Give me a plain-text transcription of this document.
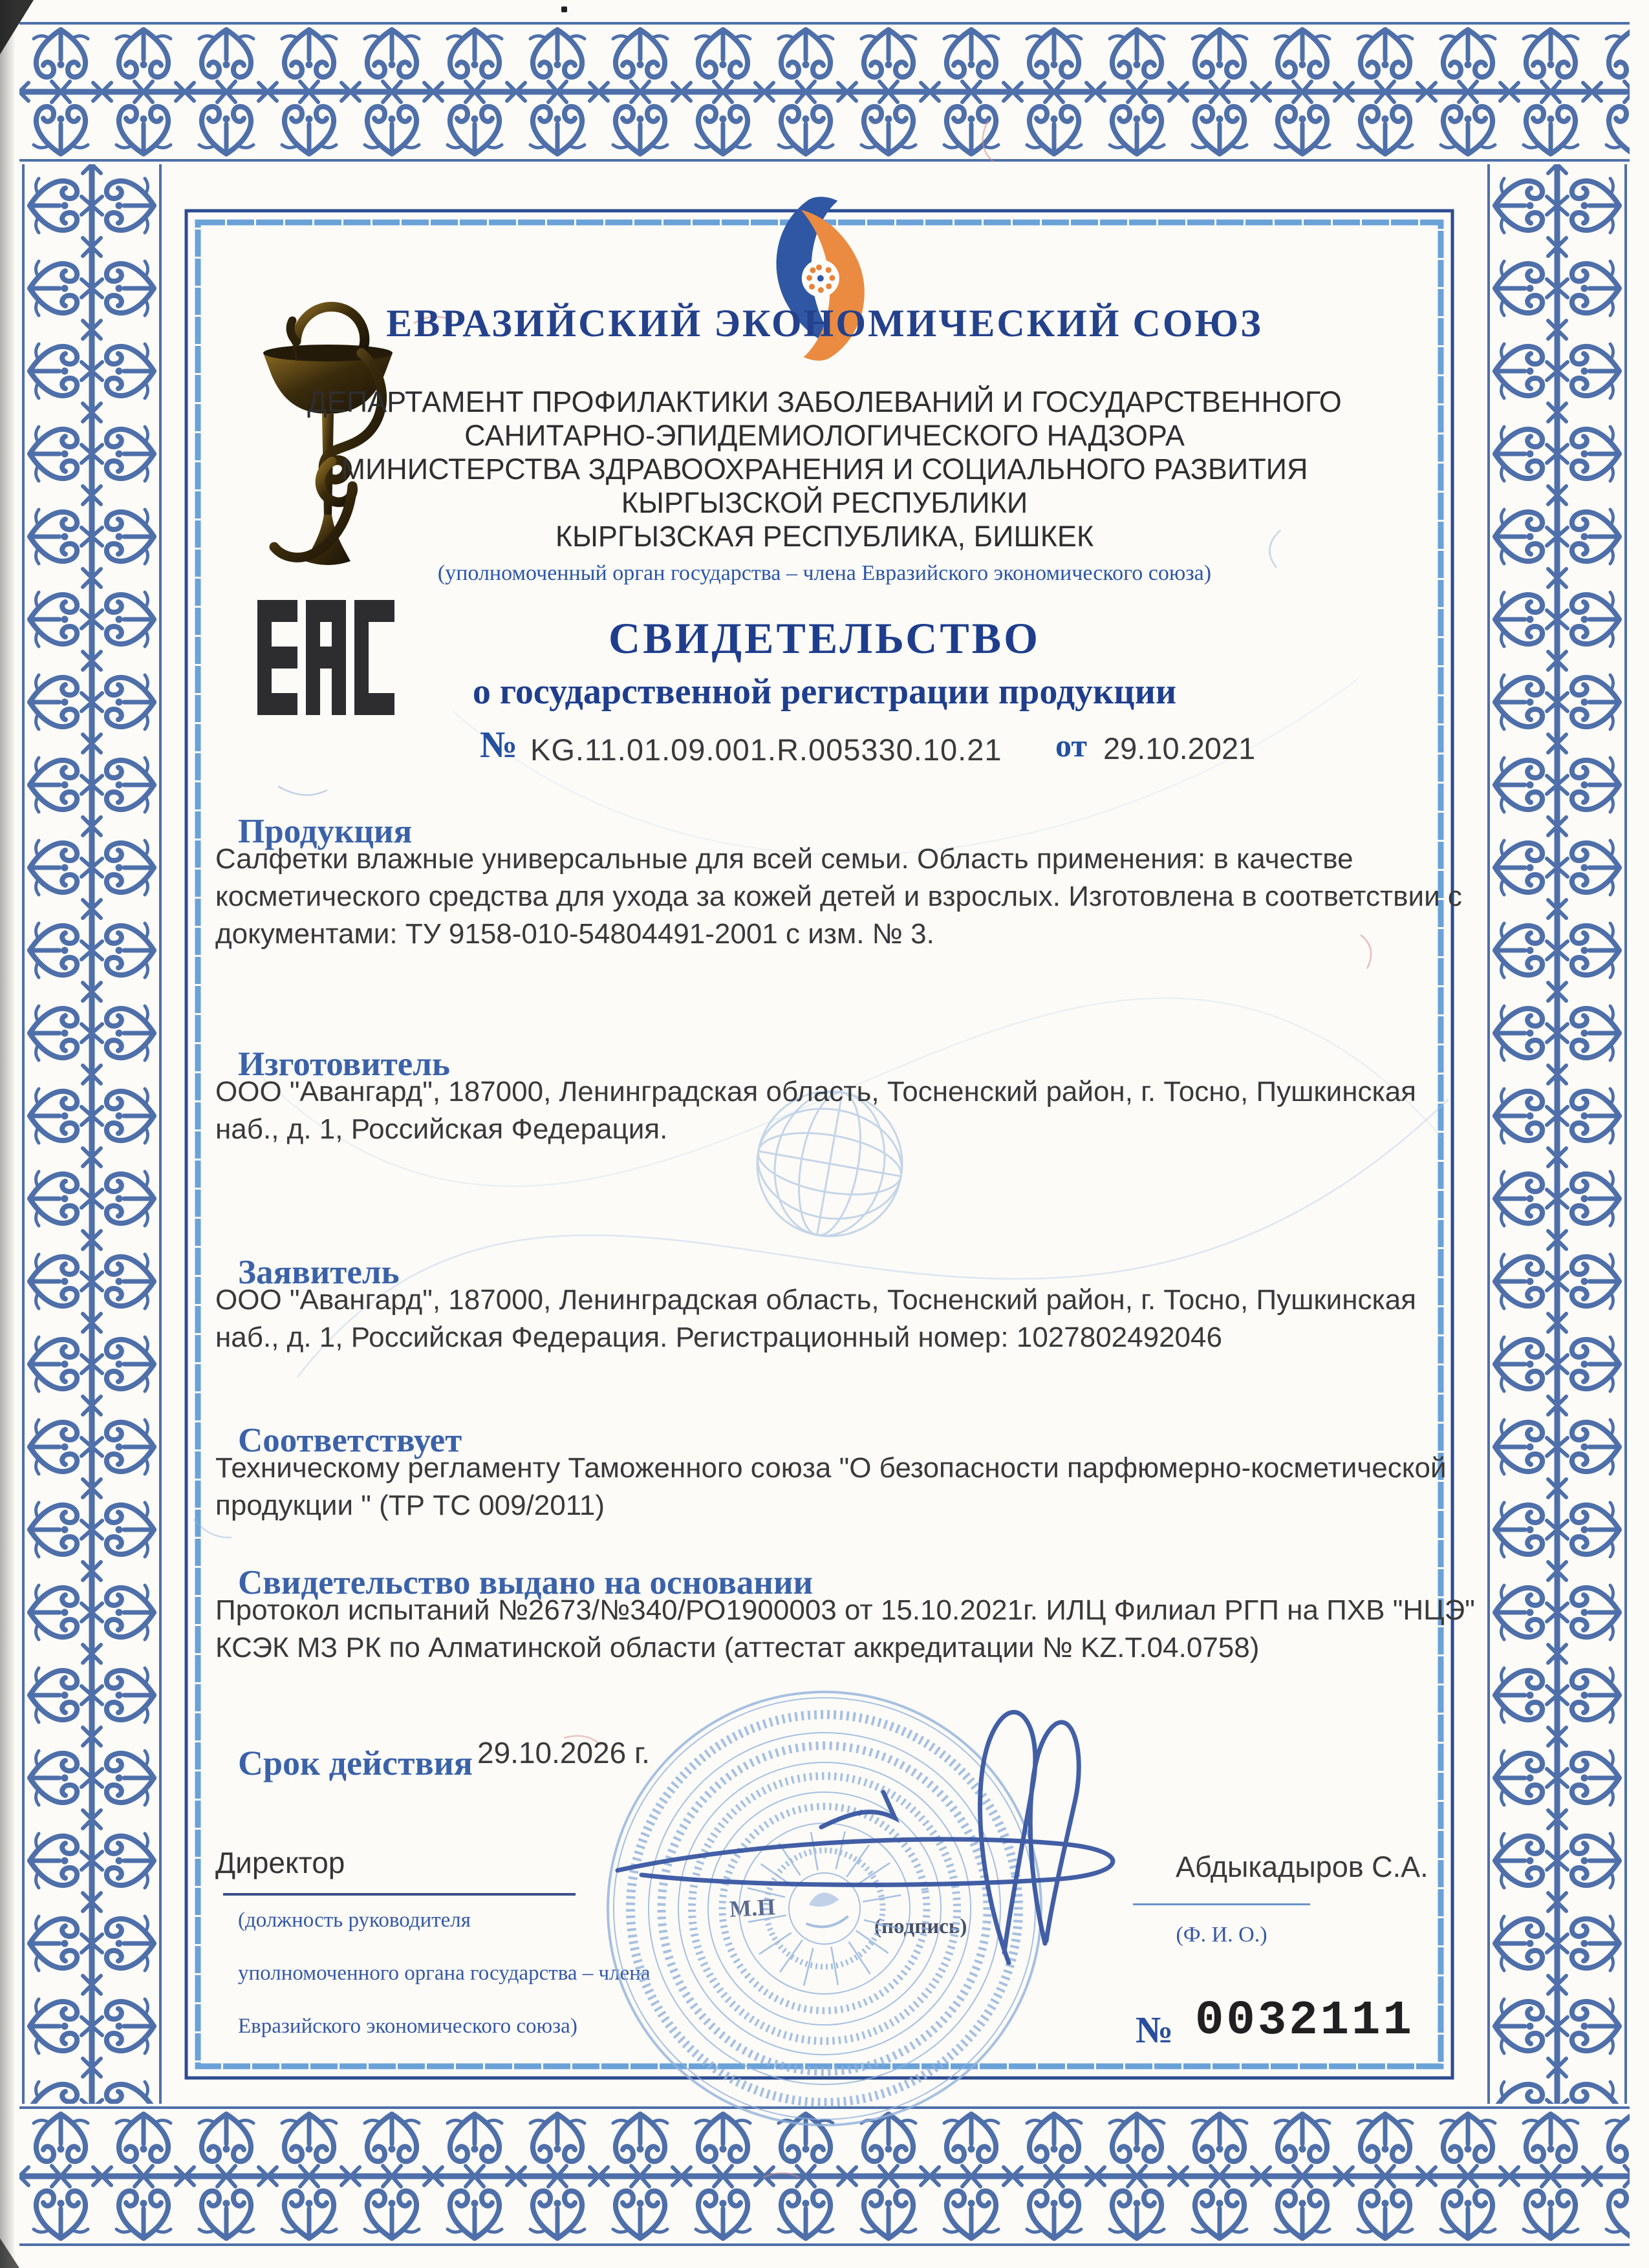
ЕВРАЗИЙСКИЙ ЭКОНОМИЧЕСКИЙ СОЮЗ
ДЕПАРТАМЕНТ ПРОФИЛАКТИКИ ЗАБОЛЕВАНИЙ И ГОСУДАРСТВЕННОГО
САНИТАРНО-ЭПИДЕМИОЛОГИЧЕСКОГО НАДЗОРА
МИНИСТЕРСТВА ЗДРАВООХРАНЕНИЯ И СОЦИАЛЬНОГО РАЗВИТИЯ
КЫРГЫЗСКОЙ РЕСПУБЛИКИ
КЫРГЫЗСКАЯ РЕСПУБЛИКА, БИШКЕК
(уполномоченный орган государства – члена Евразийского экономического союза)
СВИДЕТЕЛЬСТВО
о государственной регистрации продукции
№ KG.11.01.09.001.R.005330.10.21 от 29.10.2021
Продукция
Салфетки влажные универсальные для всей семьи. Область применения: в качестве
косметического средства для ухода за кожей детей и взрослых. Изготовлена в соответствии с
документами: ТУ 9158-010-54804491-2001 с изм. № 3.
Изготовитель
ООО "Авангард", 187000, Ленинградская область, Тосненский район, г. Тосно, Пушкинская
наб., д. 1, Российская Федерация.
Заявитель
ООО "Авангард", 187000, Ленинградская область, Тосненский район, г. Тосно, Пушкинская
наб., д. 1, Российская Федерация. Регистрационный номер: 1027802492046
Соответствует
Техническому регламенту Таможенного союза "О безопасности парфюмерно-косметической
продукции " (ТР ТС 009/2011)
Свидетельство выдано на основании
Протокол испытаний №2673/№340/РО1900003 от 15.10.2021г. ИЛЦ Филиал РГП на ПХВ "НЦЭ"
КСЭК МЗ РК по Алматинской области (аттестат аккредитации № KZ.Т.04.0758)
Срок действия 29.10.2026 г.
Директор
(должность руководителя
уполномоченного органа государства – члена
Евразийского экономического союза)
М.П
(подпись)
Абдыкадыров С.А.
(Ф. И. О.)
№ 0032111
